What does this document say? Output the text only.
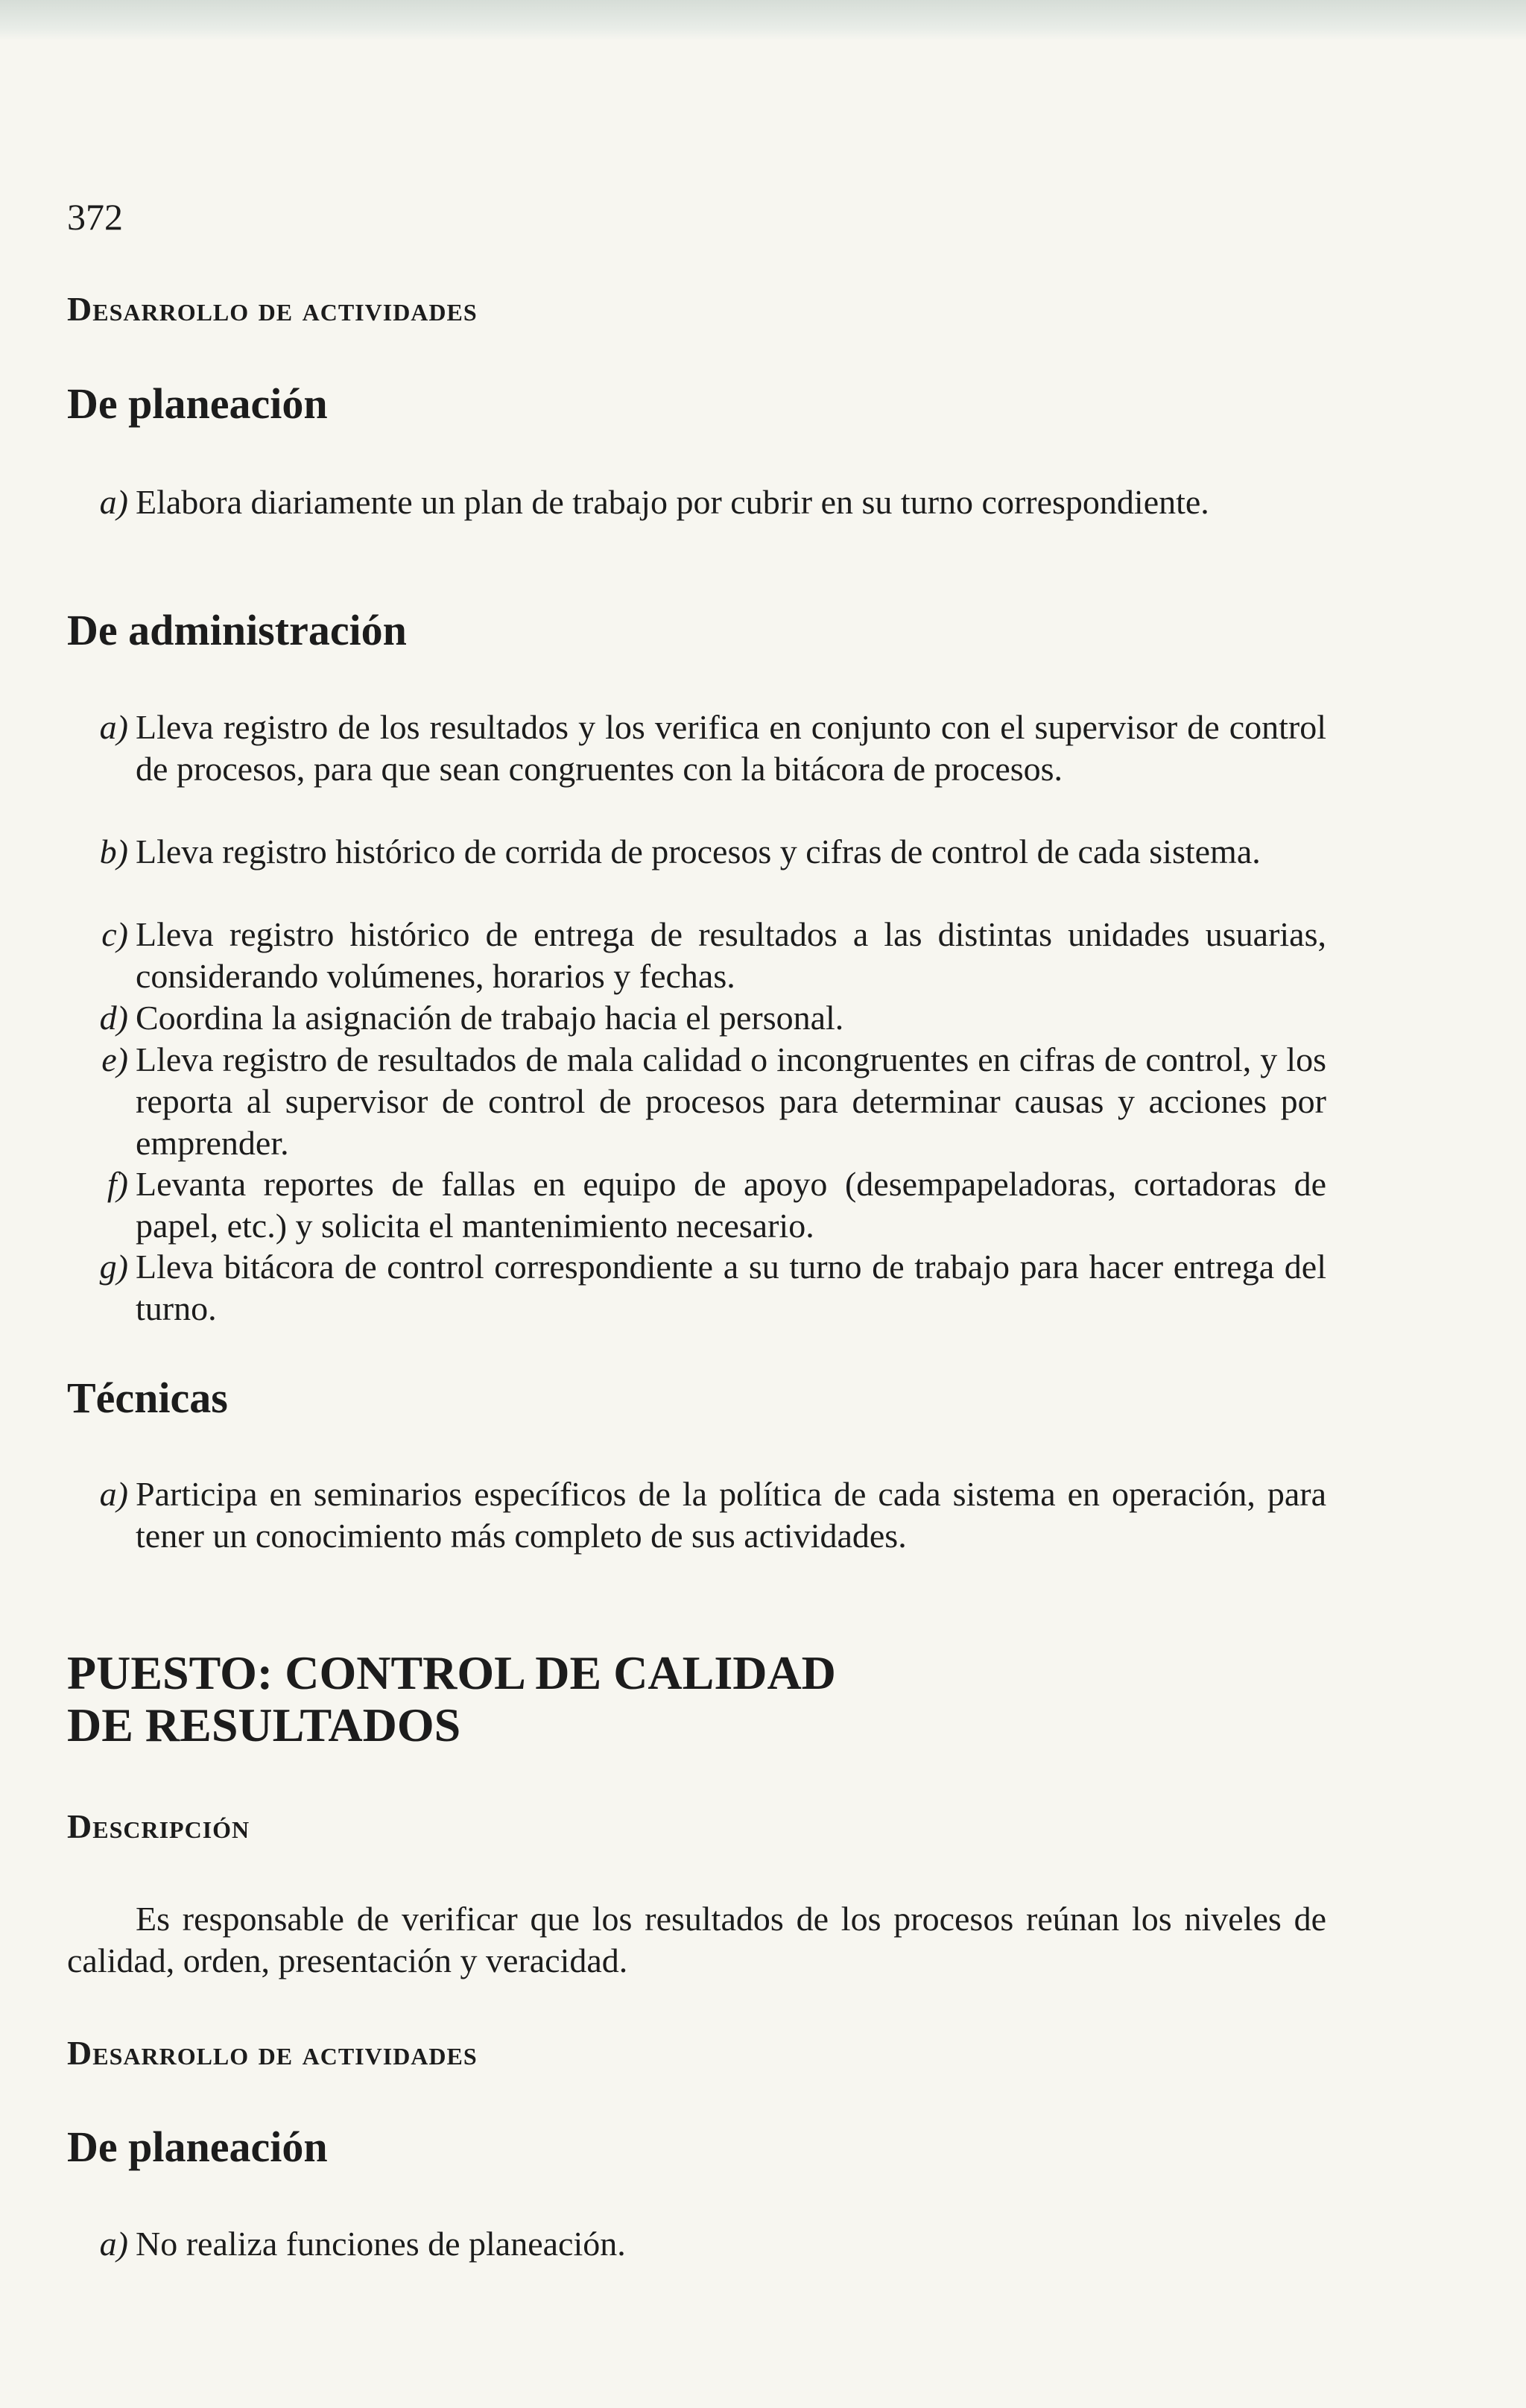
372
Desarrollo de actividades
De planeación
a) Elabora diariamente un plan de trabajo por cubrir en su turno correspondiente.
De administración
a) Lleva registro de los resultados y los verifica en conjunto con el supervisor de control de procesos, para que sean congruentes con la bitácora de procesos.
b) Lleva registro histórico de corrida de procesos y cifras de control de cada sistema.
c) Lleva registro histórico de entrega de resultados a las distintas unidades usuarias, considerando volúmenes, horarios y fechas.
d) Coordina la asignación de trabajo hacia el personal.
e) Lleva registro de resultados de mala calidad o incongruentes en cifras de control, y los reporta al supervisor de control de procesos para determinar causas y acciones por emprender.
f) Levanta reportes de fallas en equipo de apoyo (desempapeladoras, cortadoras de papel, etc.) y solicita el mantenimiento necesario.
g) Lleva bitácora de control correspondiente a su turno de trabajo para hacer entrega del turno.
Técnicas
a) Participa en seminarios específicos de la política de cada sistema en operación, para tener un conocimiento más completo de sus actividades.
PUESTO: CONTROL DE CALIDAD
DE RESULTADOS
Descripción
Es responsable de verificar que los resultados de los procesos reúnan los niveles de calidad, orden, presentación y veracidad.
Desarrollo de actividades
De planeación
a) No realiza funciones de planeación.
